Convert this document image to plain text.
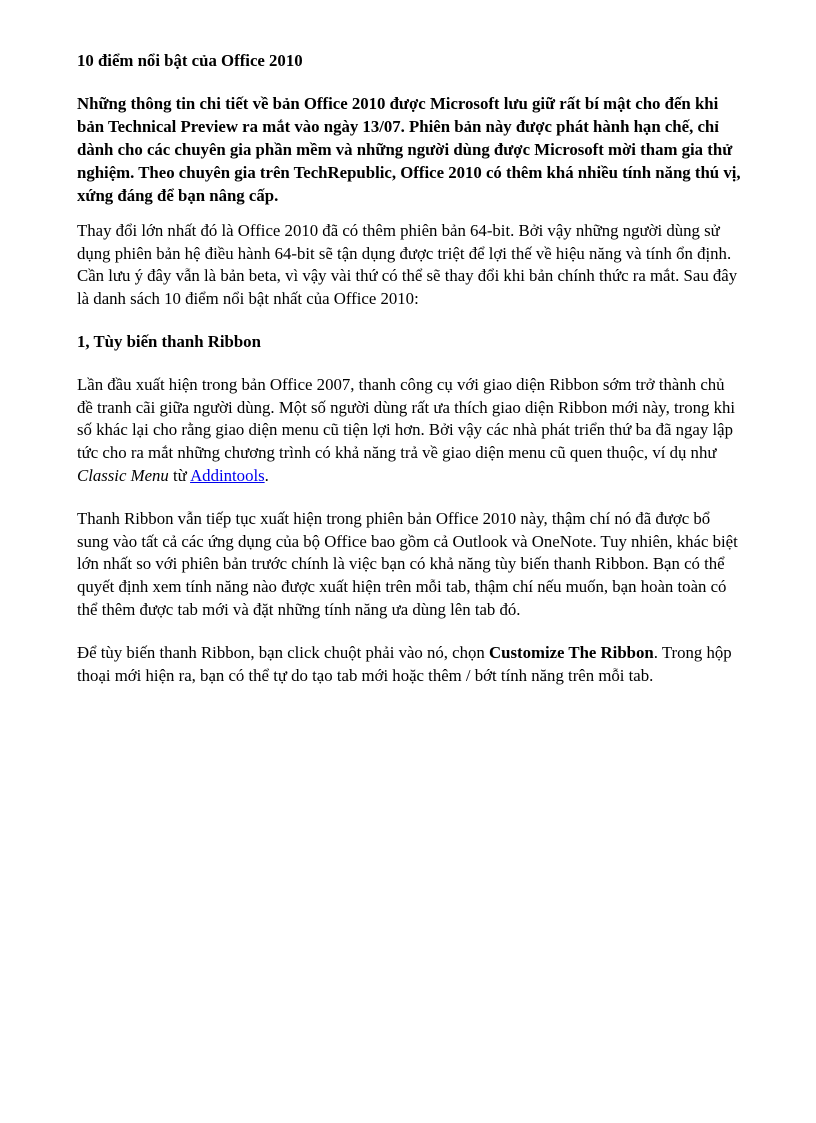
10 điểm nổi bật của Office 2010

Những thông tin chi tiết về bản Office 2010 được Microsoft lưu giữ rất bí mật cho đến khi bản Technical Preview ra mắt vào ngày 13/07. Phiên bản này được phát hành hạn chế, chỉ dành cho các chuyên gia phần mềm và những người dùng được Microsoft mời tham gia thử nghiệm. Theo chuyên gia trên TechRepublic, Office 2010 có thêm khá nhiều tính năng thú vị, xứng đáng để bạn nâng cấp.

Thay đổi lớn nhất đó là Office 2010 đã có thêm phiên bản 64-bit. Bởi vậy những người dùng sử dụng phiên bản hệ điều hành 64-bit sẽ tận dụng được triệt để lợi thế về hiệu năng và tính ổn định. Cần lưu ý đây vẫn là bản beta, vì vậy vài thứ có thể sẽ thay đổi khi bản chính thức ra mắt. Sau đây là danh sách 10 điểm nổi bật nhất của Office 2010:

1, Tùy biến thanh Ribbon

Lần đầu xuất hiện trong bản Office 2007, thanh công cụ với giao diện Ribbon sớm trở thành chủ đề tranh cãi giữa người dùng. Một số người dùng rất ưa thích giao diện Ribbon mới này, trong khi số khác lại cho rằng giao diện menu cũ tiện lợi hơn. Bởi vậy các nhà phát triển thứ ba đã ngay lập tức cho ra mắt những chương trình có khả năng trả về giao diện menu cũ quen thuộc, ví dụ như Classic Menu từ Addintools.

Thanh Ribbon vẫn tiếp tục xuất hiện trong phiên bản Office 2010 này, thậm chí nó đã được bổ sung vào tất cả các ứng dụng của bộ Office bao gồm cả Outlook và OneNote. Tuy nhiên, khác biệt lớn nhất so với phiên bản trước chính là việc bạn có khả năng tùy biến thanh Ribbon. Bạn có thể quyết định xem tính năng nào được xuất hiện trên mỗi tab, thậm chí nếu muốn, bạn hoàn toàn có thể thêm được tab mới và đặt những tính năng ưa dùng lên tab đó.

Để tùy biến thanh Ribbon, bạn click chuột phải vào nó, chọn Customize The Ribbon. Trong hộp thoại mới hiện ra, bạn có thể tự do tạo tab mới hoặc thêm / bớt tính năng trên mỗi tab.
